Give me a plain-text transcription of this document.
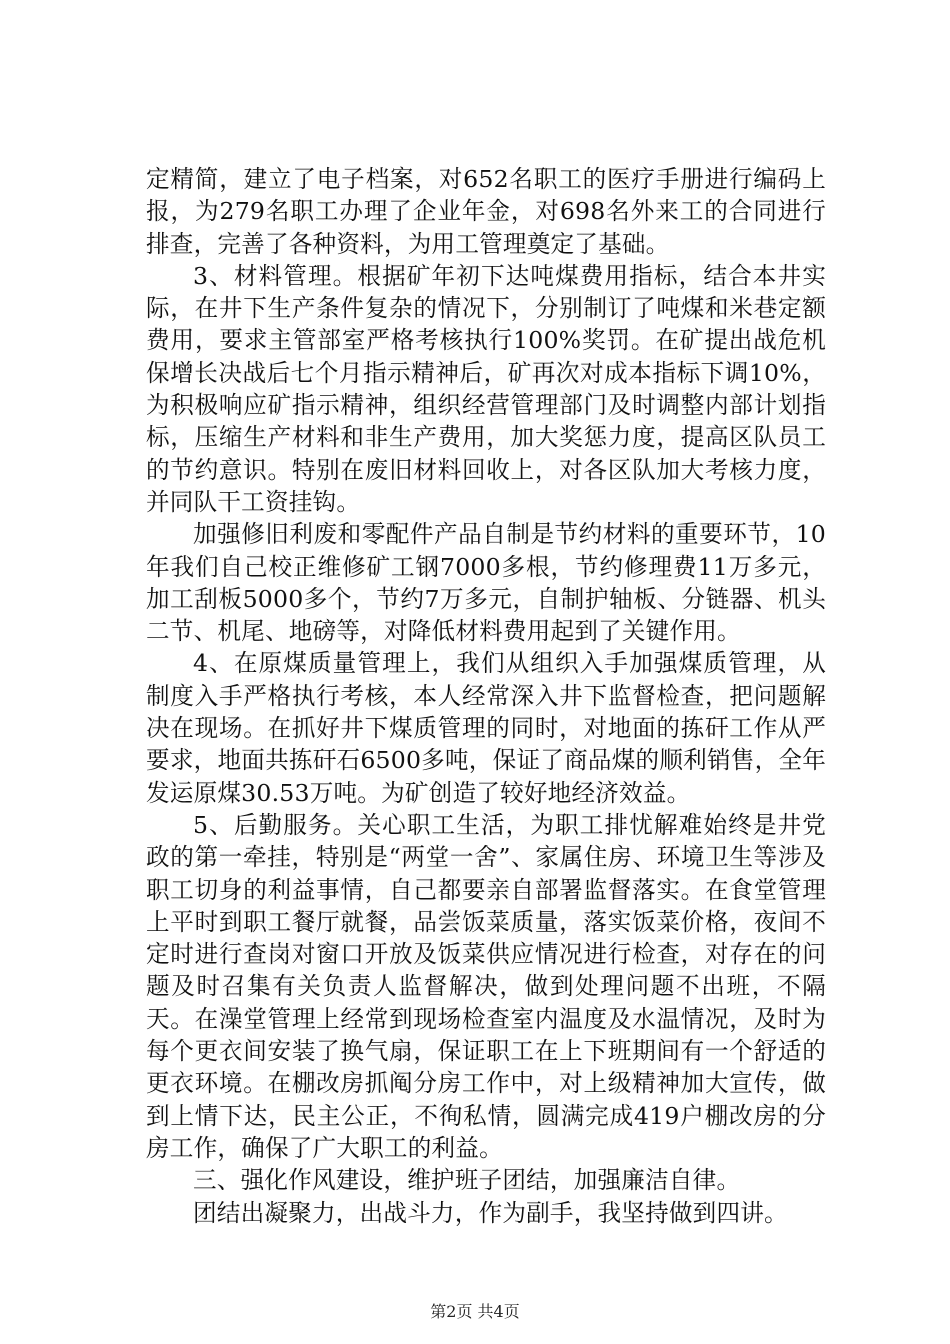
定精简，建立了电子档案，对652名职工的医疗手册进行编码上报，为279名职工办理了企业年金，对698名外来工的合同进行排查，完善了各种资料，为用工管理奠定了基础。

3、材料管理。根据矿年初下达吨煤费用指标，结合本井实际，在井下生产条件复杂的情况下，分别制订了吨煤和米巷定额费用，要求主管部室严格考核执行100%奖罚。在矿提出战危机保增长决战后七个月指示精神后，矿再次对成本指标下调10%，为积极响应矿指示精神，组织经营管理部门及时调整内部计划指标，压缩生产材料和非生产费用，加大奖惩力度，提高区队员工的节约意识。特别在废旧材料回收上，对各区队加大考核力度，并同队干工资挂钩。

加强修旧利废和零配件产品自制是节约材料的重要环节，10年我们自己校正维修矿工钢7000多根，节约修理费11万多元，加工刮板5000多个，节约7万多元，自制护轴板、分链器、机头二节、机尾、地磅等，对降低材料费用起到了关键作用。

4、在原煤质量管理上，我们从组织入手加强煤质管理，从制度入手严格执行考核，本人经常深入井下监督检查，把问题解决在现场。在抓好井下煤质管理的同时，对地面的拣矸工作从严要求，地面共拣矸石6500多吨，保证了商品煤的顺利销售，全年发运原煤30.53万吨。为矿创造了较好地经济效益。

5、后勤服务。关心职工生活，为职工排忧解难始终是井党政的第一牵挂，特别是“两堂一舍”、家属住房、环境卫生等涉及职工切身的利益事情，自己都要亲自部署监督落实。在食堂管理上平时到职工餐厅就餐，品尝饭菜质量，落实饭菜价格，夜间不定时进行查岗对窗口开放及饭菜供应情况进行检查，对存在的问题及时召集有关负责人监督解决，做到处理问题不出班，不隔天。在澡堂管理上经常到现场检查室内温度及水温情况，及时为每个更衣间安装了换气扇，保证职工在上下班期间有一个舒适的更衣环境。在棚改房抓阄分房工作中，对上级精神加大宣传，做到上情下达，民主公正，不徇私情，圆满完成419户棚改房的分房工作，确保了广大职工的利益。

三、强化作风建设，维护班子团结，加强廉洁自律。

团结出凝聚力，出战斗力，作为副手，我坚持做到四讲。

第2页 共4页
